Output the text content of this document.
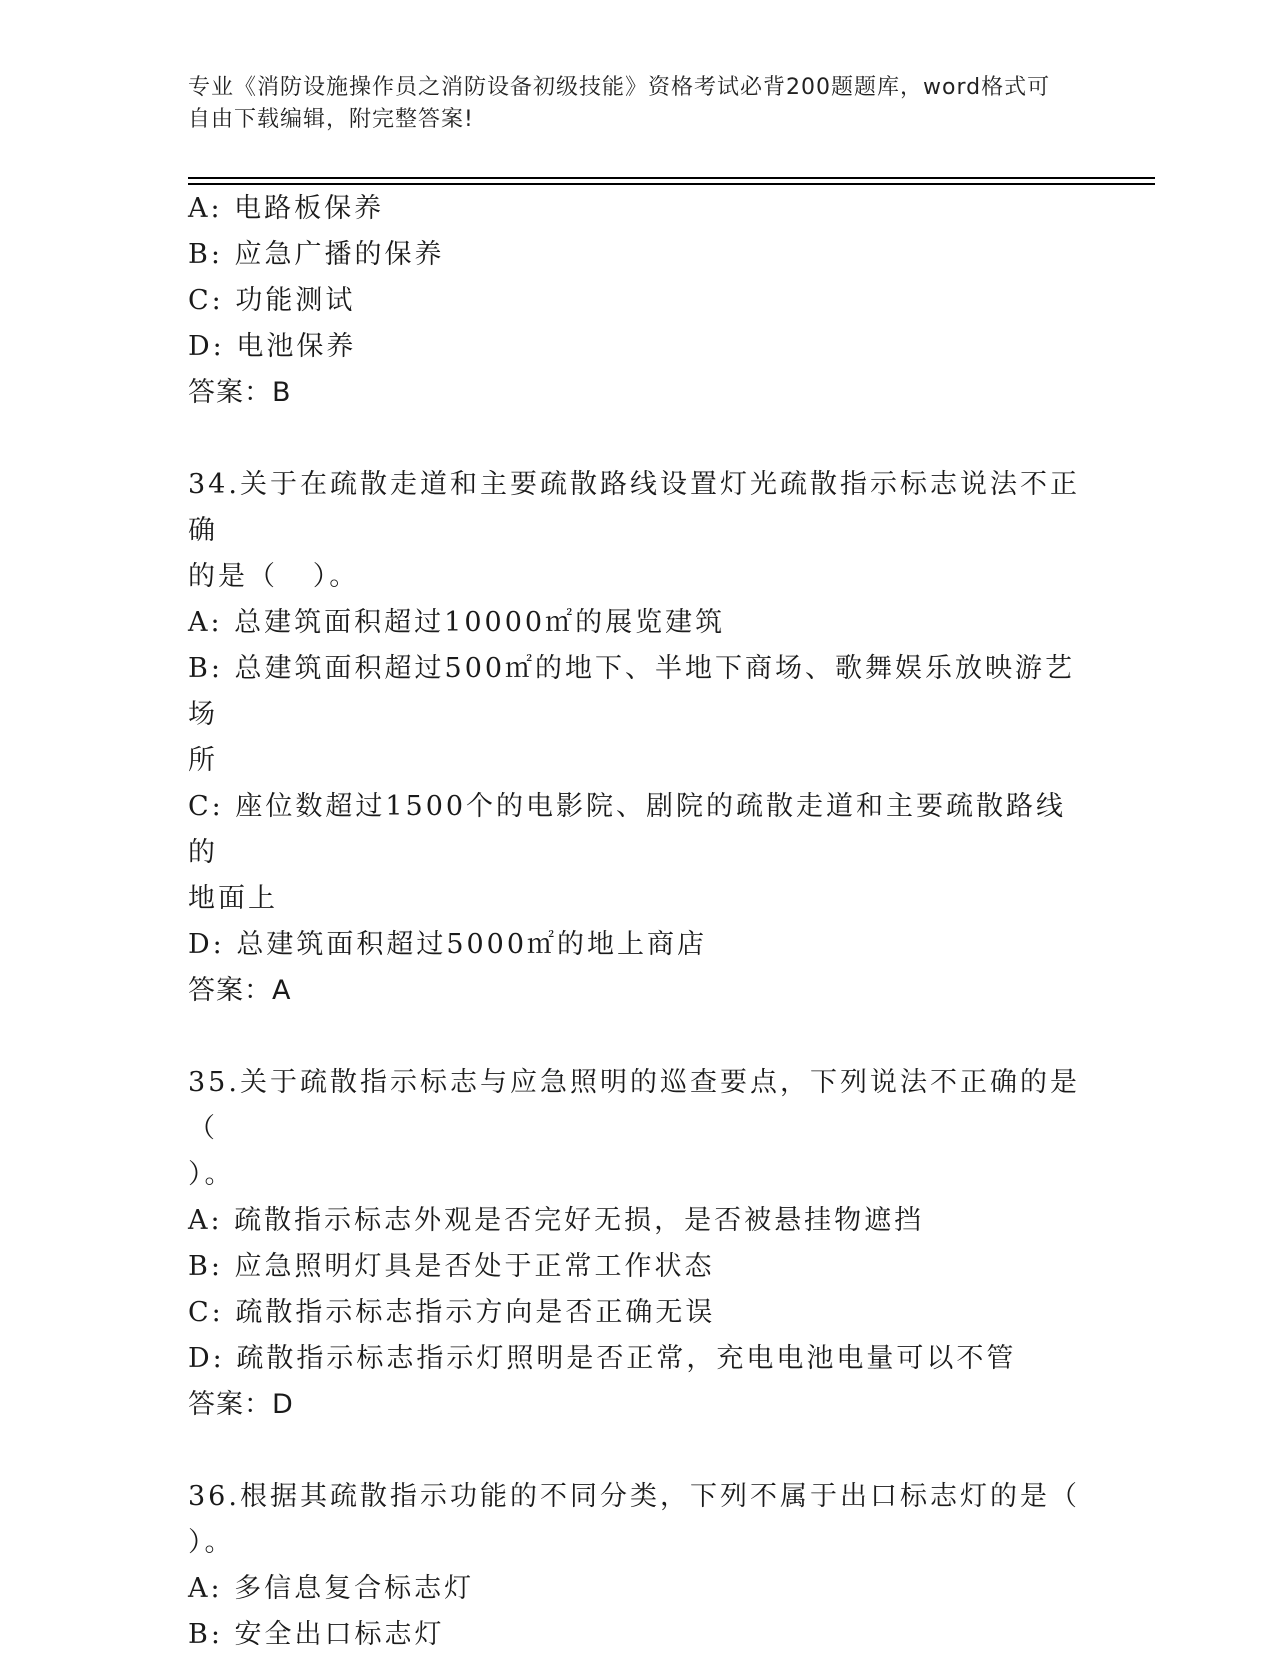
专业《消防设施操作员之消防设备初级技能》资格考试必背200题题库，word格式可自由下载编辑，附完整答案!

A: 电路板保养

B: 应急广播的保养

C: 功能测试

D: 电池保养

答案：B

34.关于在疏散走道和主要疏散路线设置灯光疏散指示标志说法不正确

的是（   ）。

A: 总建筑面积超过10000㎡的展览建筑

B: 总建筑面积超过500㎡的地下、半地下商场、歌舞娱乐放映游艺场

所

C: 座位数超过1500个的电影院、剧院的疏散走道和主要疏散路线的

地面上

D: 总建筑面积超过5000㎡的地上商店

答案：A

35.关于疏散指示标志与应急照明的巡查要点，下列说法不正确的是（

）。

A: 疏散指示标志外观是否完好无损，是否被悬挂物遮挡

B: 应急照明灯具是否处于正常工作状态

C: 疏散指示标志指示方向是否正确无误

D: 疏散指示标志指示灯照明是否正常，充电电池电量可以不管

答案：D

36.根据其疏散指示功能的不同分类，下列不属于出口标志灯的是（

）。

A: 多信息复合标志灯

B: 安全出口标志灯
